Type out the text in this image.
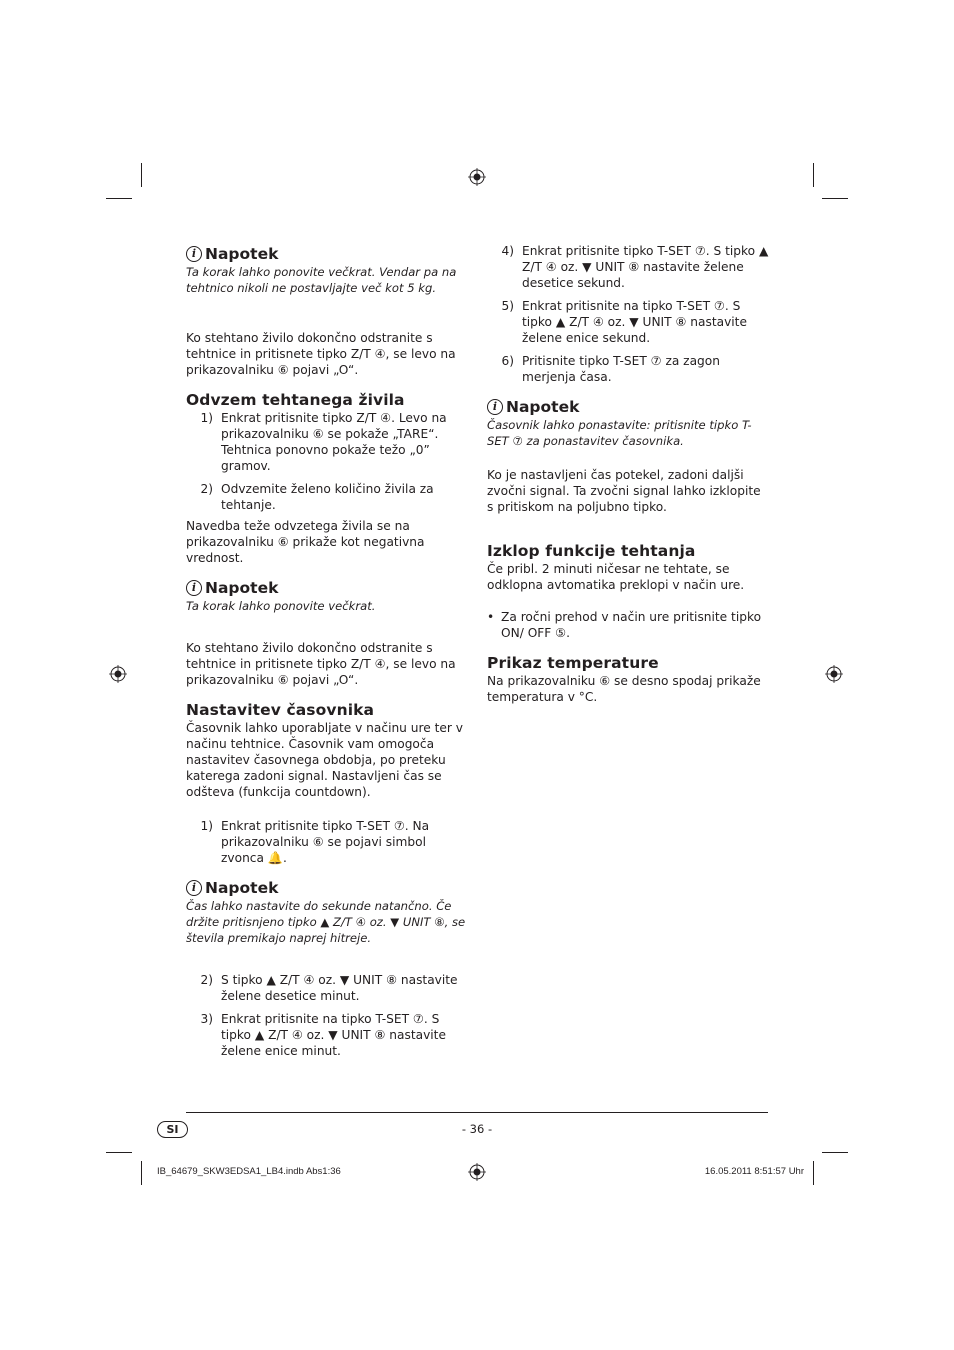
i Napotek

Ta korak lahko ponovite večkrat. Vendar pa na tehtnico nikoli ne postavljajte več kot 5 kg.

Ko stehtano živilo dokončno odstranite s tehtnice in pritisnete tipko Z/T ④, se levo na prikazovalniku ⑥ pojavi „O“.

Odvzem tehtanega živila
1) Enkrat pritisnite tipko Z/T ④. Levo na prikazovalniku ⑥ se pokaže „TARE“. Tehtnica ponovno pokaže težo „0” gramov.
2) Odvzemite želeno količino živila za tehtanje.

Navedba teže odvzetega živila se na prikazovalniku ⑥ prikaže kot negativna vrednost.

i Napotek

Ta korak lahko ponovite večkrat.

Ko stehtano živilo dokončno odstranite s tehtnice in pritisnete tipko Z/T ④, se levo na prikazovalniku ⑥ pojavi „O“.

Nastavitev časovnika

Časovnik lahko uporabljate v načinu ure ter v načinu tehtnice. Časovnik vam omogoča nastavitev časovnega obdobja, po preteku katerega zadoni signal. Nastavljeni čas se odšteva (funkcija countdown).

1) Enkrat pritisnite tipko T-SET ⑦. Na prikazovalniku ⑥ se pojavi simbol zvonca 🔔.
i Napotek

Čas lahko nastavite do sekunde natančno. Če držite pritisnjeno tipko ▲ Z/T ④ oz. ▼ UNIT ⑧, se števila premikajo naprej hitreje.

2) S tipko ▲ Z/T ④ oz. ▼ UNIT ⑧ nastavite želene desetice minut.
3) Enkrat pritisnite na tipko T-SET ⑦. S tipko ▲ Z/T ④ oz. ▼ UNIT ⑧ nastavite želene enice minut.
4) Enkrat pritisnite tipko T-SET ⑦. S tipko ▲ Z/T ④ oz. ▼ UNIT ⑧ nastavite želene desetice sekund.
5) Enkrat pritisnite na tipko T-SET ⑦. S tipko ▲ Z/T ④ oz. ▼ UNIT ⑧ nastavite želene enice sekund.
6) Pritisnite tipko T-SET ⑦ za zagon merjenja časa.
i Napotek

Časovnik lahko ponastavite: pritisnite tipko T-SET ⑦ za ponastavitev časovnika.

Ko je nastavljeni čas potekel, zadoni daljši zvočni signal. Ta zvočni signal lahko izklopite s pritiskom na poljubno tipko.

Izklop funkcije tehtanja

Če pribl. 2 minuti ničesar ne tehtate, se odklopna avtomatika preklopi v način ure.

• Za ročni prehod v način ure pritisnite tipko ON/ OFF ⑤.
Prikaz temperature

Na prikazovalniku ⑥ se desno spodaj prikaže temperatura v °C.

SI	- 36 -
IB_64679_SKW3EDSA1_LB4.indb Abs1:36	16.05.2011 8:51:57 Uhr
